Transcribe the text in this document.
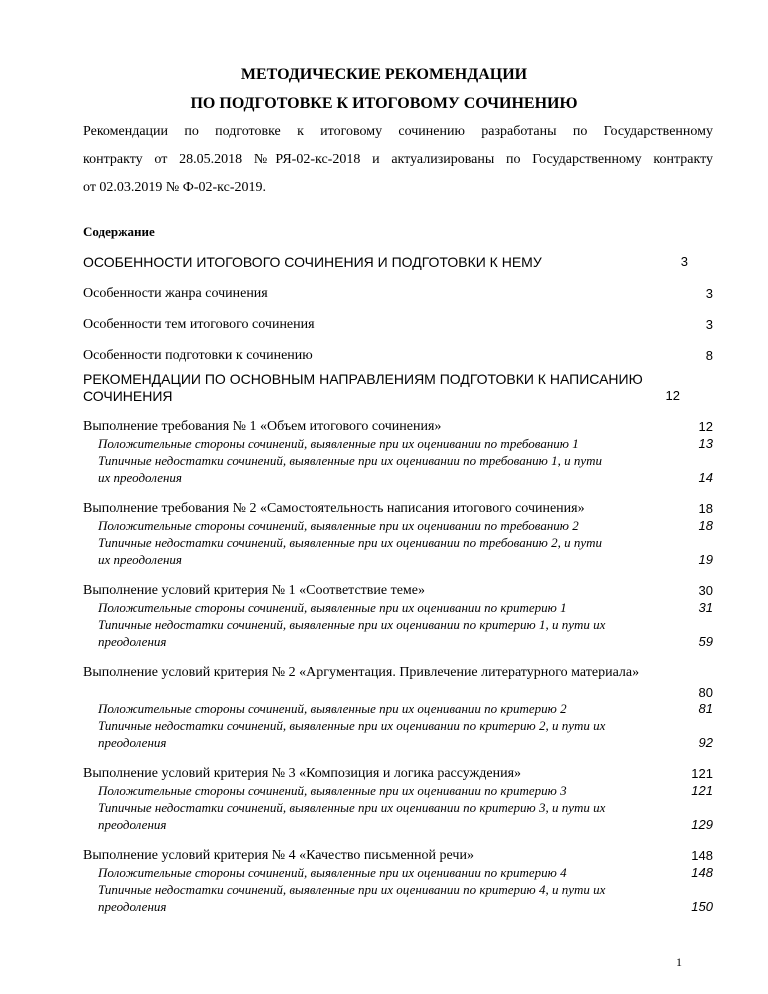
МЕТОДИЧЕСКИЕ РЕКОМЕНДАЦИИ
ПО ПОДГОТОВКЕ К ИТОГОВОМУ СОЧИНЕНИЮ
Рекомендации по подготовке к итоговому сочинению разработаны по Государственному
контракту от 28.05.2018 №РЯ-02-кс-2018 и актуализированы по Государственному контракту
от 02.03.2019 № Ф-02-кс-2019.
Содержание
ОСОБЕННОСТИ ИТОГОВОГО СОЧИНЕНИЯ И ПОДГОТОВКИ К НЕМУ	3
Особенности жанра сочинения	3
Особенности тем итогового сочинения	3
Особенности подготовки к сочинению	8
РЕКОМЕНДАЦИИ ПО ОСНОВНЫМ НАПРАВЛЕНИЯМ ПОДГОТОВКИ К НАПИСАНИЮ
СОЧИНЕНИЯ	12
Выполнение требования № 1 «Объем итогового сочинения»	12
Положительные стороны сочинений, выявленные при их оценивании по требованию 1	13
Типичные недостатки сочинений, выявленные при их оценивании по требованию 1, и пути
их преодоления	14
Выполнение требования № 2 «Самостоятельность написания итогового сочинения»	18
Положительные стороны сочинений, выявленные при их оценивании по требованию 2	18
Типичные недостатки сочинений, выявленные при их оценивании по требованию 2, и пути
их преодоления	19
Выполнение условий критерия № 1 «Соответствие теме»	30
Положительные стороны сочинений, выявленные при их оценивании по критерию 1	31
Типичные недостатки сочинений, выявленные при их оценивании по критерию 1, и пути их
преодоления	59
Выполнение условий критерия № 2 «Аргументация. Привлечение литературного материала»
80
Положительные стороны сочинений, выявленные при их оценивании по критерию 2	81
Типичные недостатки сочинений, выявленные при их оценивании по критерию 2, и пути их
преодоления	92
Выполнение условий критерия № 3 «Композиция и логика рассуждения»	121
Положительные стороны сочинений, выявленные при их оценивании по критерию 3	121
Типичные недостатки сочинений, выявленные при их оценивании по критерию 3, и пути их
преодоления	129
Выполнение условий критерия № 4 «Качество письменной речи»	148
Положительные стороны сочинений, выявленные при их оценивании по критерию 4	148
Типичные недостатки сочинений, выявленные при их оценивании по критерию 4, и пути их
преодоления	150
1
